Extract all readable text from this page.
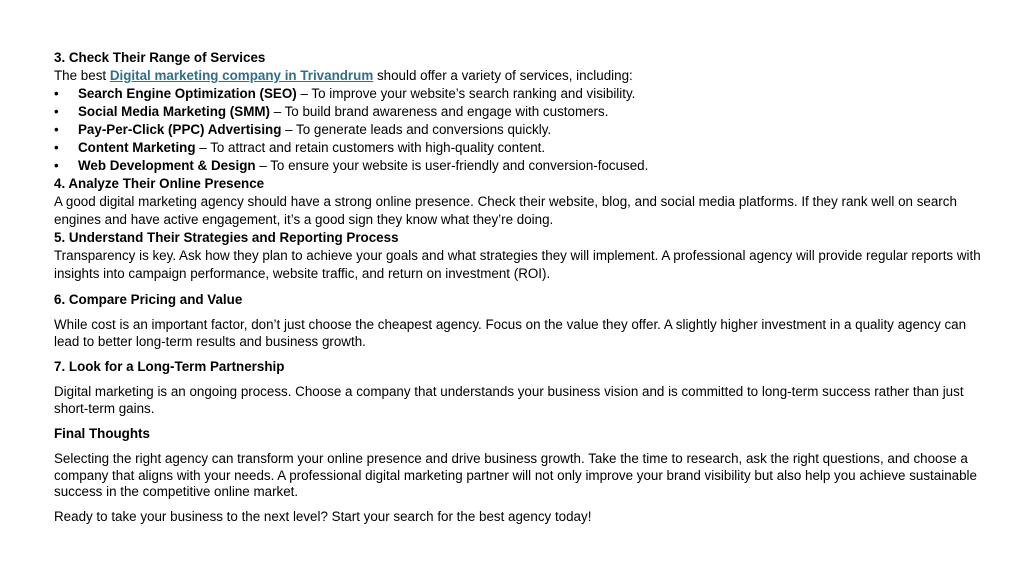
3. Check Their Range of Services
The best Digital marketing company in Trivandrum should offer a variety of services, including:
• Search Engine Optimization (SEO) – To improve your website’s search ranking and visibility.
• Social Media Marketing (SMM) – To build brand awareness and engage with customers.
• Pay-Per-Click (PPC) Advertising – To generate leads and conversions quickly.
• Content Marketing – To attract and retain customers with high-quality content.
• Web Development & Design – To ensure your website is user-friendly and conversion-focused.
4. Analyze Their Online Presence
A good digital marketing agency should have a strong online presence. Check their website, blog, and social media platforms. If they rank well on search engines and have active engagement, it’s a good sign they know what they’re doing.
5. Understand Their Strategies and Reporting Process
Transparency is key. Ask how they plan to achieve your goals and what strategies they will implement. A professional agency will provide regular reports with insights into campaign performance, website traffic, and return on investment (ROI).
6. Compare Pricing and Value
While cost is an important factor, don’t just choose the cheapest agency. Focus on the value they offer. A slightly higher investment in a quality agency can lead to better long-term results and business growth.
7. Look for a Long-Term Partnership
Digital marketing is an ongoing process. Choose a company that understands your business vision and is committed to long-term success rather than just short-term gains.
Final Thoughts
Selecting the right agency can transform your online presence and drive business growth. Take the time to research, ask the right questions, and choose a company that aligns with your needs. A professional digital marketing partner will not only improve your brand visibility but also help you achieve sustainable success in the competitive online market.
Ready to take your business to the next level? Start your search for the best agency today!
